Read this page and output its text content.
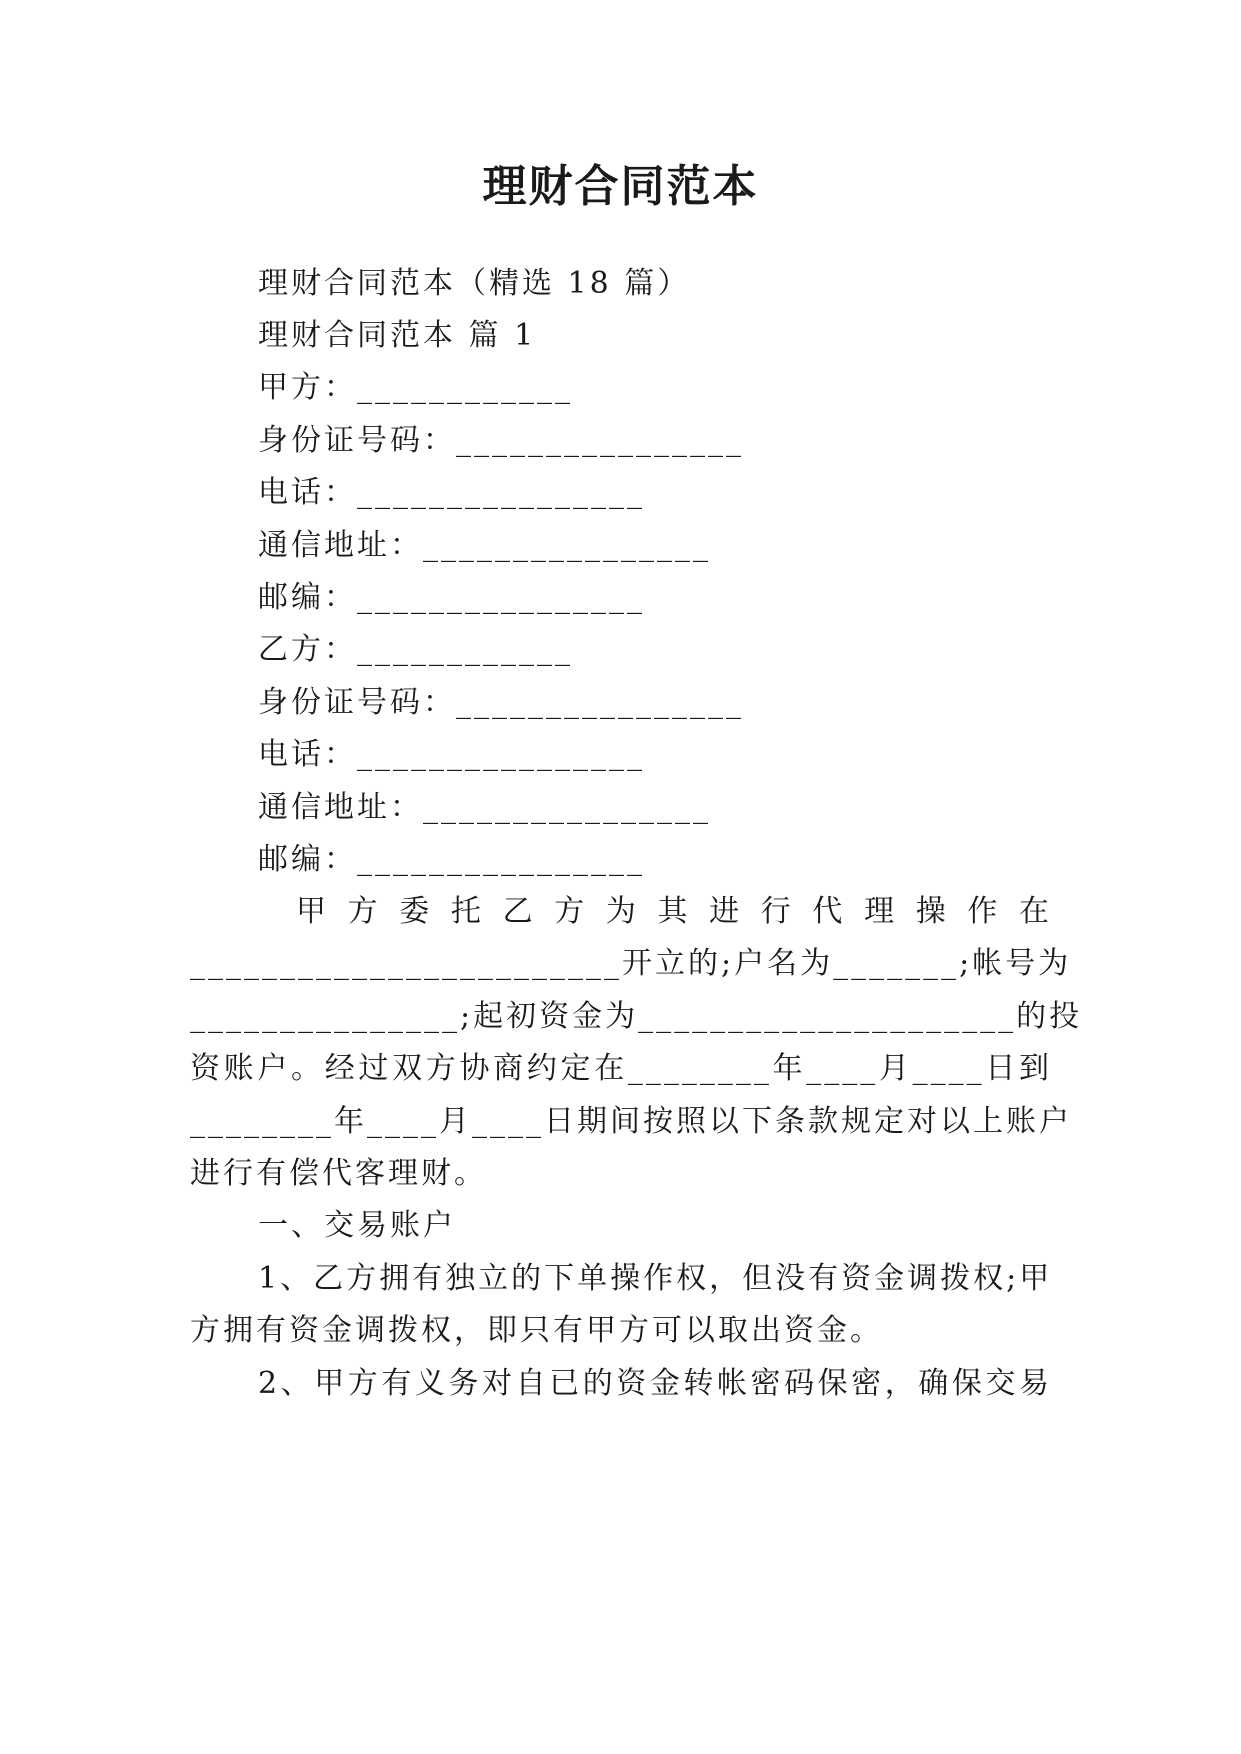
理财合同范本
理财合同范本（精选 18 篇）
理财合同范本 篇 1
甲方：____________
身份证号码：________________
电话：________________
通信地址：________________
邮编：________________
乙方：____________
身份证号码：________________
电话：________________
通信地址：________________
邮编：________________
甲方委托乙方为其进行代理操作在
________________________开立的;户名为_______;帐号为
_______________;起初资金为_____________________的投
资账户。经过双方协商约定在________年____月____日到
________年____月____日期间按照以下条款规定对以上账户
进行有偿代客理财。
一、交易账户
1、乙方拥有独立的下单操作权，但没有资金调拨权;甲
方拥有资金调拨权，即只有甲方可以取出资金。
2、甲方有义务对自已的资金转帐密码保密，确保交易
